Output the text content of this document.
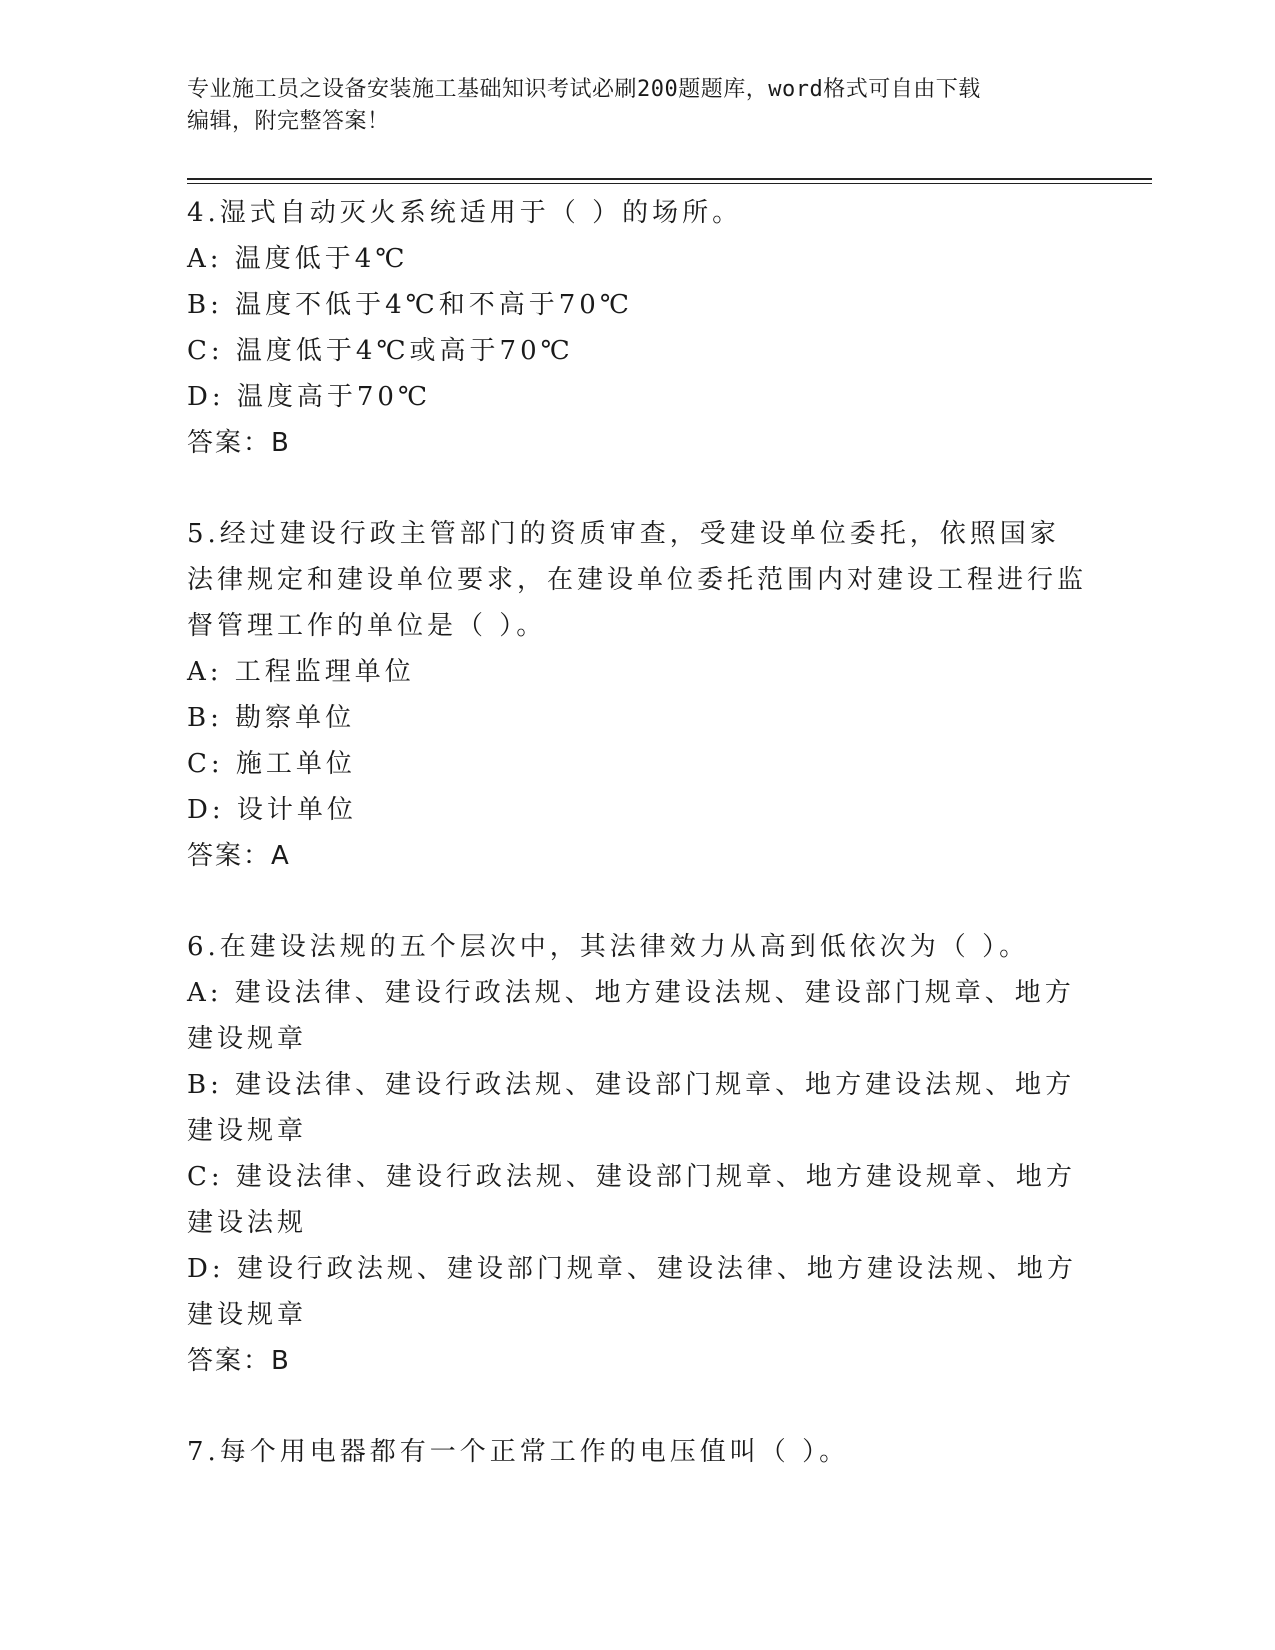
专业施工员之设备安装施工基础知识考试必刷200题题库，word格式可自由下载
编辑，附完整答案！
4.湿式自动灭火系统适用于（ ）的场所。
A: 温度低于4℃
B: 温度不低于4℃和不高于70℃
C: 温度低于4℃或高于70℃
D: 温度高于70℃
答案：B
5.经过建设行政主管部门的资质审查，受建设单位委托，依照国家法律规定和建设单位要求，在建设单位委托范围内对建设工程进行监督管理工作的单位是（ ）。
A: 工程监理单位
B: 勘察单位
C: 施工单位
D: 设计单位
答案：A
6.在建设法规的五个层次中，其法律效力从高到低依次为（ ）。
A: 建设法律、建设行政法规、地方建设法规、建设部门规章、地方建设规章
B: 建设法律、建设行政法规、建设部门规章、地方建设法规、地方建设规章
C: 建设法律、建设行政法规、建设部门规章、地方建设规章、地方建设法规
D: 建设行政法规、建设部门规章、建设法律、地方建设法规、地方建设规章
答案：B
7.每个用电器都有一个正常工作的电压值叫（ ）。
